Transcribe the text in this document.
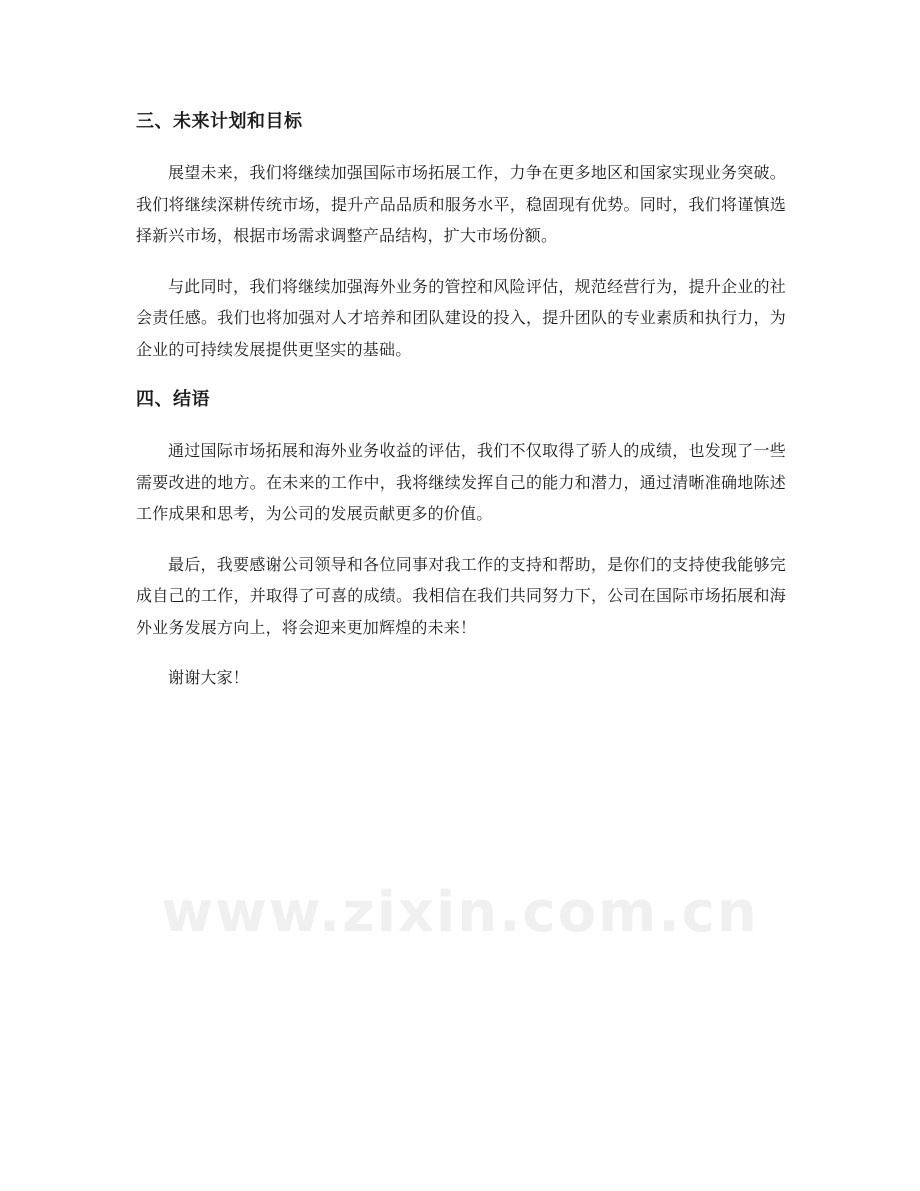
三、未来计划和目标

展望未来，我们将继续加强国际市场拓展工作，力争在更多地区和国家实现业务突破。我们将继续深耕传统市场，提升产品品质和服务水平，稳固现有优势。同时，我们将谨慎选择新兴市场，根据市场需求调整产品结构，扩大市场份额。

与此同时，我们将继续加强海外业务的管控和风险评估，规范经营行为，提升企业的社会责任感。我们也将加强对人才培养和团队建设的投入，提升团队的专业素质和执行力，为企业的可持续发展提供更坚实的基础。

四、结语

通过国际市场拓展和海外业务收益的评估，我们不仅取得了骄人的成绩，也发现了一些需要改进的地方。在未来的工作中，我将继续发挥自己的能力和潜力，通过清晰准确地陈述工作成果和思考，为公司的发展贡献更多的价值。

最后，我要感谢公司领导和各位同事对我工作的支持和帮助，是你们的支持使我能够完成自己的工作，并取得了可喜的成绩。我相信在我们共同努力下，公司在国际市场拓展和海外业务发展方向上，将会迎来更加辉煌的未来！

谢谢大家！

www.zixin.com.cn
